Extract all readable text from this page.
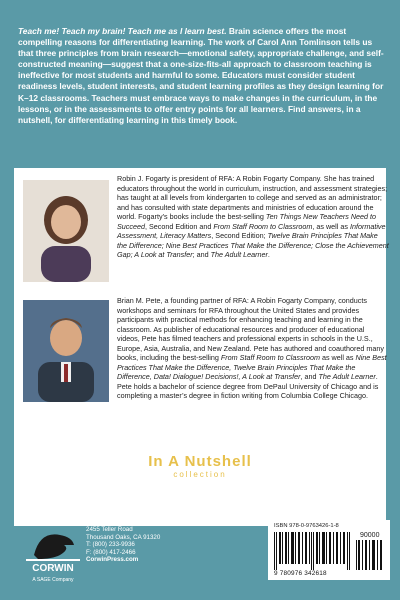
Teach me! Teach my brain! Teach me as I learn best. Brain science offers the most compelling reasons for differentiating learning. The work of Carol Ann Tomlinson tells us that three principles from brain research—emotional safety, appropriate challenge, and self-constructed meaning—suggest that a one-size-fits-all approach to classroom teaching is ineffective for most students and harmful to some. Educators must consider student readiness levels, student interests, and student learning profiles as they design learning for K–12 classrooms. Teachers must embrace ways to make changes in the curriculum, in the lessons, or in the assessments to offer entry points for all learners. Find answers, in a nutshell, for differentiating learning in this timely book.
Robin J. Fogarty is president of RFA: A Robin Fogarty Company. She has trained educators throughout the world in curriculum, instruction, and assessment strategies; has taught at all levels from kindergarten to college and served as an administrator; and has consulted with state departments and ministries of education around the world. Fogarty’s books include the best-selling Ten Things New Teachers Need to Succeed, Second Edition and From Staff Room to Classroom, as well as Informative Assessment, Literacy Matters, Second Edition; Twelve Brain Principles That Make the Difference; Nine Best Practices That Make the Difference; Close the Achievement Gap; A Look at Transfer; and The Adult Learner.
Brian M. Pete, a founding partner of RFA: A Robin Fogarty Company, conducts workshops and seminars for RFA throughout the United States and provides participants with practical methods for enhancing teaching and learning in the classroom. As publisher of educational resources and producer of educational videos, Pete has filmed teachers and professional experts in schools in the U.S., Europe, Asia, Australia, and New Zealand. Pete has authored and coauthored many books, including the best-selling From Staff Room to Classroom as well as Nine Best Practices That Make the Difference, Twelve Brain Principles That Make the Difference, Data! Dialogue! Decisions!, A Look at Transfer, and The Adult Learner. Pete holds a bachelor of science degree from DePaul University of Chicago and is completing a master’s degree in fiction writing from Columbia College Chicago.
In A Nutshell
collection
CORWIN
A SAGE Company
2455 Teller Road
Thousand Oaks, CA 91320
T: (800) 233-9936
F: (800) 417-2466
CorwinPress.com
ISBN 978-0-9763426-1-8
90000
9 780976 342618
